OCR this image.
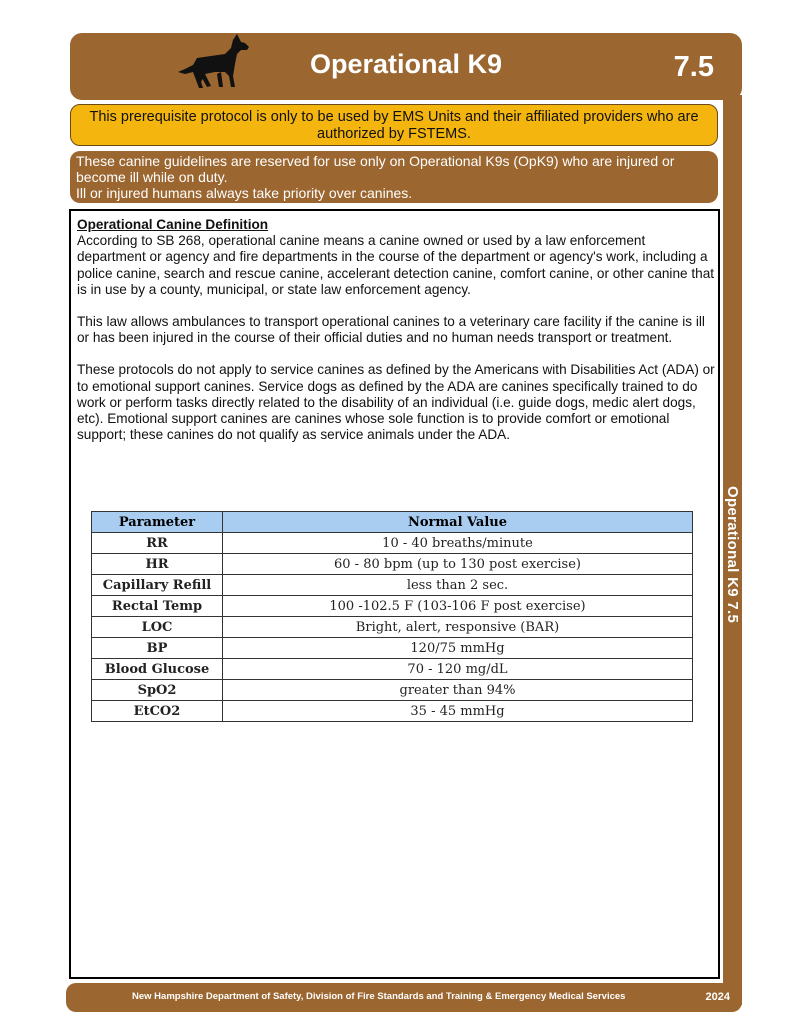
Operational K9 7.5
Operational K9	7.5
This prerequisite protocol is only to be used by EMS Units and their affiliated providers who are authorized by FSTEMS.
These canine guidelines are reserved for use only on Operational K9s (OpK9) who are injured or become ill while on duty.
Ill or injured humans always take priority over canines.
Operational Canine Definition

According to SB 268, operational canine means a canine owned or used by a law enforcement department or agency and fire departments in the course of the department or agency's work, including a police canine, search and rescue canine, accelerant detection canine, comfort canine, or other canine that is in use by a county, municipal, or state law enforcement agency.

This law allows ambulances to transport operational canines to a veterinary care facility if the canine is ill or has been injured in the course of their official duties and no human needs transport or treatment.

These protocols do not apply to service canines as defined by the Americans with Disabilities Act (ADA) or to emotional support canines. Service dogs as defined by the ADA are canines specifically trained to do work or perform tasks directly related to the disability of an individual (i.e. guide dogs, medic alert dogs, etc). Emotional support canines are canines whose sole function is to provide comfort or emotional support; these canines do not qualify as service animals under the ADA.

Parameter	Normal Value
RR	10 - 40 breaths/minute
HR	60 - 80 bpm (up to 130 post exercise)
Capillary Refill	less than 2 sec.
Rectal Temp	100 -102.5 F (103-106 F post exercise)
LOC	Bright, alert, responsive (BAR)
BP	120/75 mmHg
Blood Glucose	70 - 120 mg/dL
SpO2	greater than 94%
EtCO2	35 - 45 mmHg
New Hampshire Department of Safety, Division of Fire Standards and Training & Emergency Medical Services	2024
